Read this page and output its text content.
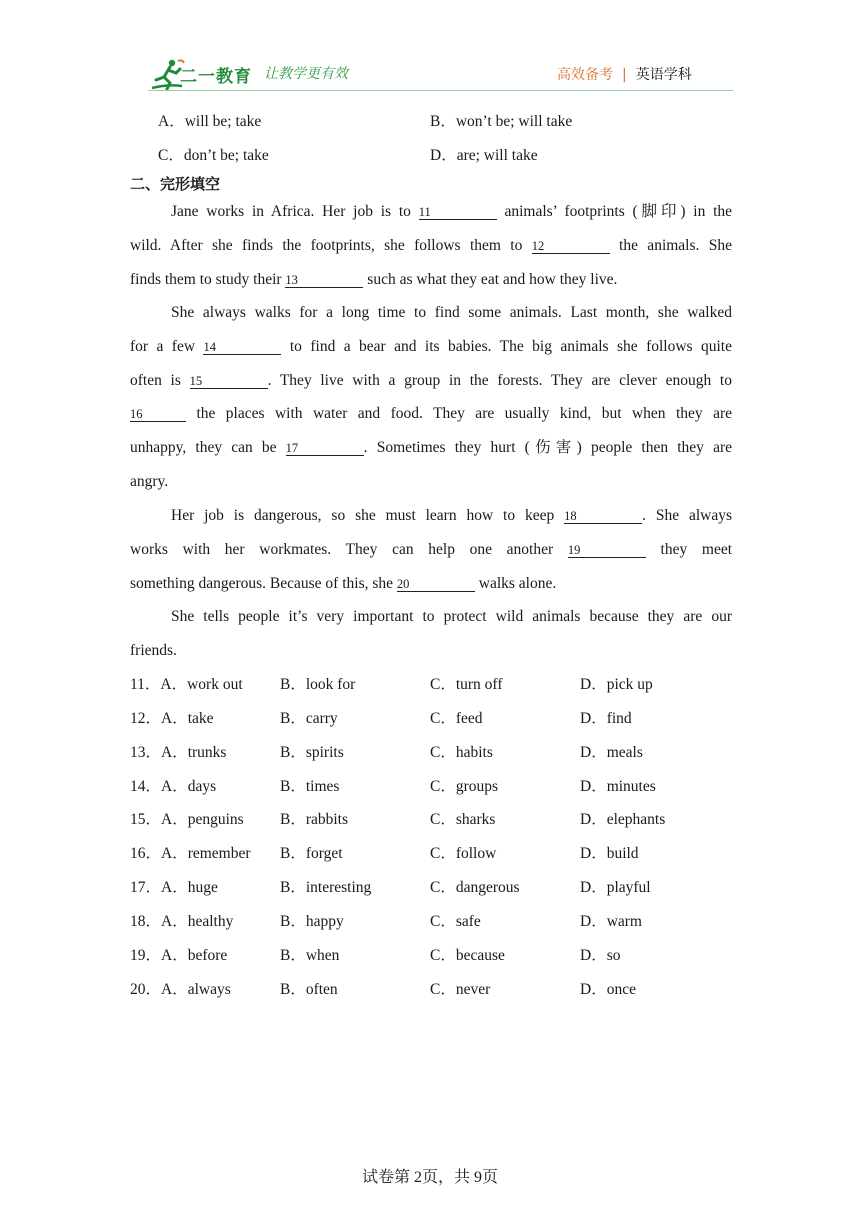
二一教育 让教学更有效	高效备考 | 英语学科
A．will be; take	B．won’t be; will take
C．don’t be; take	D．are; will take
二、完形填空
Jane works in Africa. Her job is to 11	animals’ footprints (脚印) in the
wild. After she finds the footprints, she follows them to 12	the animals. She
finds them to study their 13	such as what they eat and how they live.
She always walks for a long time to find some animals. Last month, she walked
for a few 14	to find a bear and its babies. The big animals she follows quite
often is 15	. They live with a group in the forests. They are clever enough to
16	the places with water and food. They are usually kind, but when they are
unhappy, they can be 17	. Sometimes they hurt (伤害) people then they are
angry.
Her job is dangerous, so she must learn how to keep 18	. She always
works with her workmates. They can help one another 19	they meet
something dangerous. Because of this, she 20	walks alone.
She tells people it’s very important to protect wild animals because they are our
friends.
11．A．work out B．look for	C．turn off	D．pick up
12．A．take	B．carry	C．feed	D．find
13．A．trunks	B．spirits	C．habits	D．meals
14．A．days	B．times	C．groups	D．minutes
15．A．penguins B．rabbits	C．sharks	D．elephants
16．A．remember B．forget	C．follow	D．build
17．A．huge	B．interesting	C．dangerous	D．playful
18．A．healthy	B．happy	C．safe	D．warm
19．A．before	B．when	C．because	D．so
20．A．always	B．often	C．never	D．once
试卷第 2页，共 9页
